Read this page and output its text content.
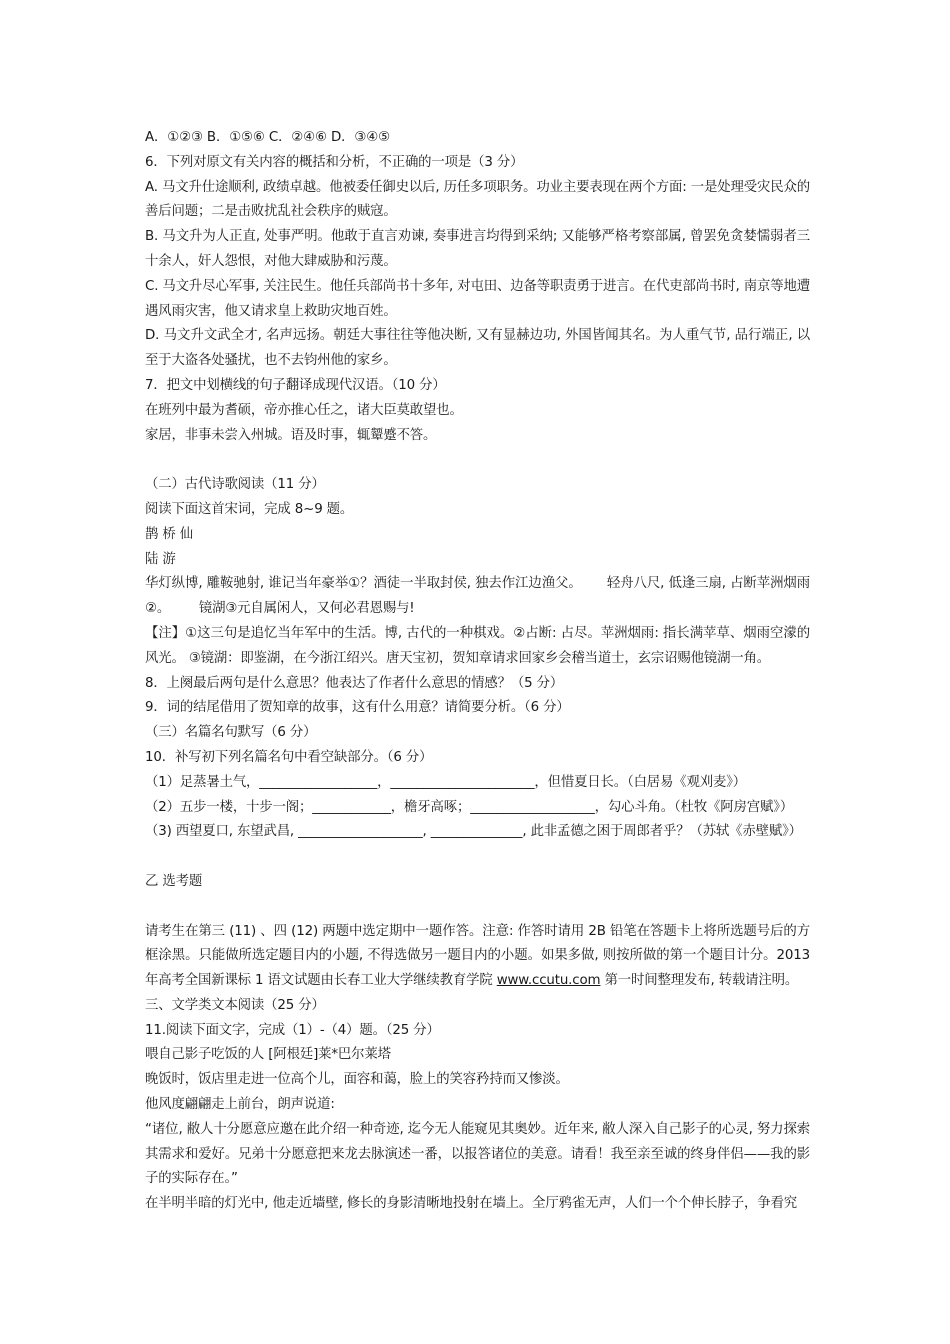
A．①②③ B．①⑤⑥ C．②④⑥ D．③④⑤

6．下列对原文有关内容的概括和分析，不正确的一项是（3 分）

A. 马文升仕途顺利, 政绩卓越。他被委任御史以后, 历任多项职务。功业主要表现在两个方面: 一是处理受灾民众的善后问题；二是击败扰乱社会秩序的贼寇。

B. 马文升为人正直, 处事严明。他敢于直言劝谏, 奏事进言均得到采纳; 又能够严格考察部属, 曾罢免贪婪懦弱者三十余人，奸人怨恨，对他大肆威胁和污蔑。

C. 马文升尽心军事, 关注民生。他任兵部尚书十多年, 对屯田、边备等职责勇于进言。在代吏部尚书时, 南京等地遭遇风雨灾害，他又请求皇上救助灾地百姓。

D. 马文升文武全才, 名声远扬。朝廷大事往往等他决断, 又有显赫边功, 外国皆闻其名。为人重气节, 品行端正, 以至于大盗各处骚扰，也不去钧州他的家乡。

7．把文中划横线的句子翻译成现代汉语。（10 分）

在班列中最为耆硕，帝亦推心任之，诸大臣莫敢望也。

家居，非事未尝入州城。语及时事，辄颦蹙不答。

（二）古代诗歌阅读（11 分）

阅读下面这首宋词，完成 8~9 题。

鹊 桥 仙

陆 游

华灯纵博, 雕鞍驰射, 谁记当年豪举①？酒徒一半取封侯, 独去作江边渔父。      轻舟八尺, 低逢三扇, 占断苹洲烟雨②。       镜湖③元自属闲人，又何必君恩赐与!

【注】①这三句是追忆当年军中的生活。博, 古代的一种棋戏。②占断: 占尽。苹洲烟雨: 指长满苹草、烟雨空濛的风光。 ③镜湖：即鉴湖，在今浙江绍兴。唐天宝初，贺知章请求回家乡会稽当道士，玄宗诏赐他镜湖一角。

8．上阕最后两句是什么意思？他表达了作者什么意思的情感？（5 分）

9．词的结尾借用了贺知章的故事，这有什么用意？请简要分析。（6 分）

（三）名篇名句默写（6 分）

10．补写初下列名篇名句中看空缺部分。（6 分）

（1）足蒸暑土气，__________________，______________________，但惜夏日长。（白居易《观刈麦》）

（2）五步一楼，十步一阁；____________，檐牙高啄；___________________，勾心斗角。（杜牧《阿房宫赋》）

（3) 西望夏口, 东望武昌, ___________________, ______________, 此非孟德之困于周郎者乎？（苏轼《赤壁赋》）

乙 选考题

请考生在第三 (11) 、四 (12) 两题中选定期中一题作答。注意: 作答时请用 2B 铅笔在答题卡上将所选题号后的方框涂黑。只能做所选定题目内的小题, 不得选做另一题目内的小题。如果多做, 则按所做的第一个题目计分。2013 年高考全国新课标 1 语文试题由长春工业大学继续教育学院 www.ccutu.com 第一时间整理发布, 转载请注明。

三、文学类文本阅读（25 分）

11.阅读下面文字，完成（1）-（4）题。（25 分）

喂自己影子吃饭的人 [阿根廷]莱*巴尔莱塔

晚饭时，饭店里走进一位高个儿，面容和蔼，脸上的笑容矜持而又惨淡。

他风度翩翩走上前台，朗声说道:

“诸位, 敝人十分愿意应邀在此介绍一种奇迹, 迄今无人能窥见其奥妙。近年来, 敝人深入自己影子的心灵, 努力探索其需求和爱好。兄弟十分愿意把来龙去脉演述一番，以报答诸位的美意。请看！我至亲至诚的终身伴侣——我的影子的实际存在。”

在半明半暗的灯光中, 他走近墙壁, 修长的身影清晰地投射在墙上。全厅鸦雀无声，人们一个个伸长脖子，争看究
